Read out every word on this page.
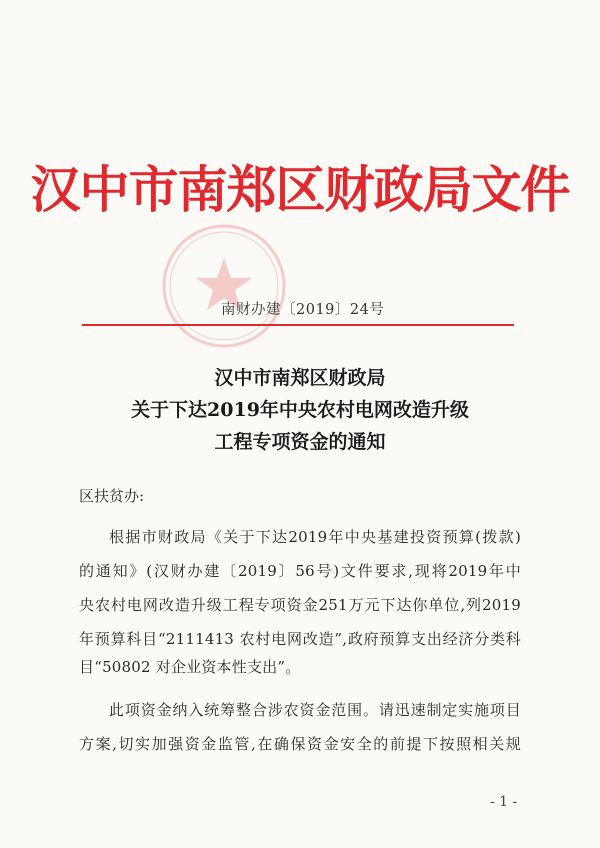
汉中市南郑区财政局文件
南财办建〔2019〕24号
汉中市南郑区财政局
关于下达2019年中央农村电网改造升级
工程专项资金的通知
区扶贫办:
根据市财政局《关于下达2019年中央基建投资预算(拨款)
的通知》(汉财办建〔2019〕56号)文件要求,现将2019年中
央农村电网改造升级工程专项资金251万元下达你单位,列2019
年预算科目“2111413 农村电网改造”,政府预算支出经济分类科
目“50802 对企业资本性支出”。
此项资金纳入统筹整合涉农资金范围。请迅速制定实施项目
方案,切实加强资金监管,在确保资金安全的前提下按照相关规
- 1 -
